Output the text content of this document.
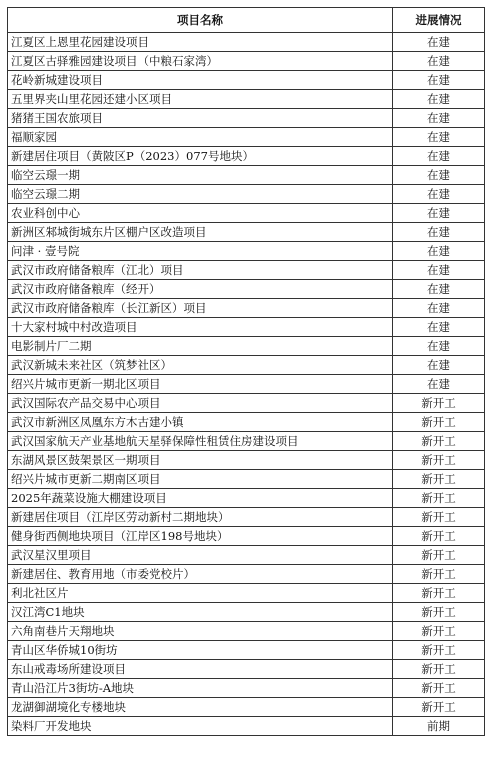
项目名称	进展情况
江夏区上恩里花园建设项目	在建
江夏区古驿雅园建设项目（中粮石家湾）	在建
花岭新城建设项目	在建
五里界夹山里花园还建小区项目	在建
猪猪王国农旅项目	在建
福顺家园	在建
新建居住项目（黄陂区P（2023）077号地块）	在建
临空云璟一期	在建
临空云璟二期	在建
农业科创中心	在建
新洲区邾城街城东片区棚户区改造项目	在建
问津 · 壹号院	在建
武汉市政府储备粮库（江北）项目	在建
武汉市政府储备粮库（经开）	在建
武汉市政府储备粮库（长江新区）项目	在建
十大家村城中村改造项目	在建
电影制片厂二期	在建
武汉新城未来社区（筑梦社区）	在建
绍兴片城市更新一期北区项目	在建
武汉国际农产品交易中心项目	新开工
武汉市新洲区凤凰东方木古建小镇	新开工
武汉国家航天产业基地航天星驿保障性租赁住房建设项目	新开工
东湖风景区鼓架景区一期项目	新开工
绍兴片城市更新二期南区项目	新开工
2025年蔬菜设施大棚建设项目	新开工
新建居住项目（江岸区劳动新村二期地块）	新开工
健身街西侧地块项目（江岸区198号地块）	新开工
武汉星汉里项目	新开工
新建居住、教育用地（市委党校片）	新开工
利北社区片	新开工
汉江湾C1地块	新开工
六角南巷片天翔地块	新开工
青山区华侨城10街坊	新开工
东山戒毒场所建设项目	新开工
青山沿江片3街坊-A地块	新开工
龙湖御湖境化专楼地块	新开工
染料厂开发地块	前期
